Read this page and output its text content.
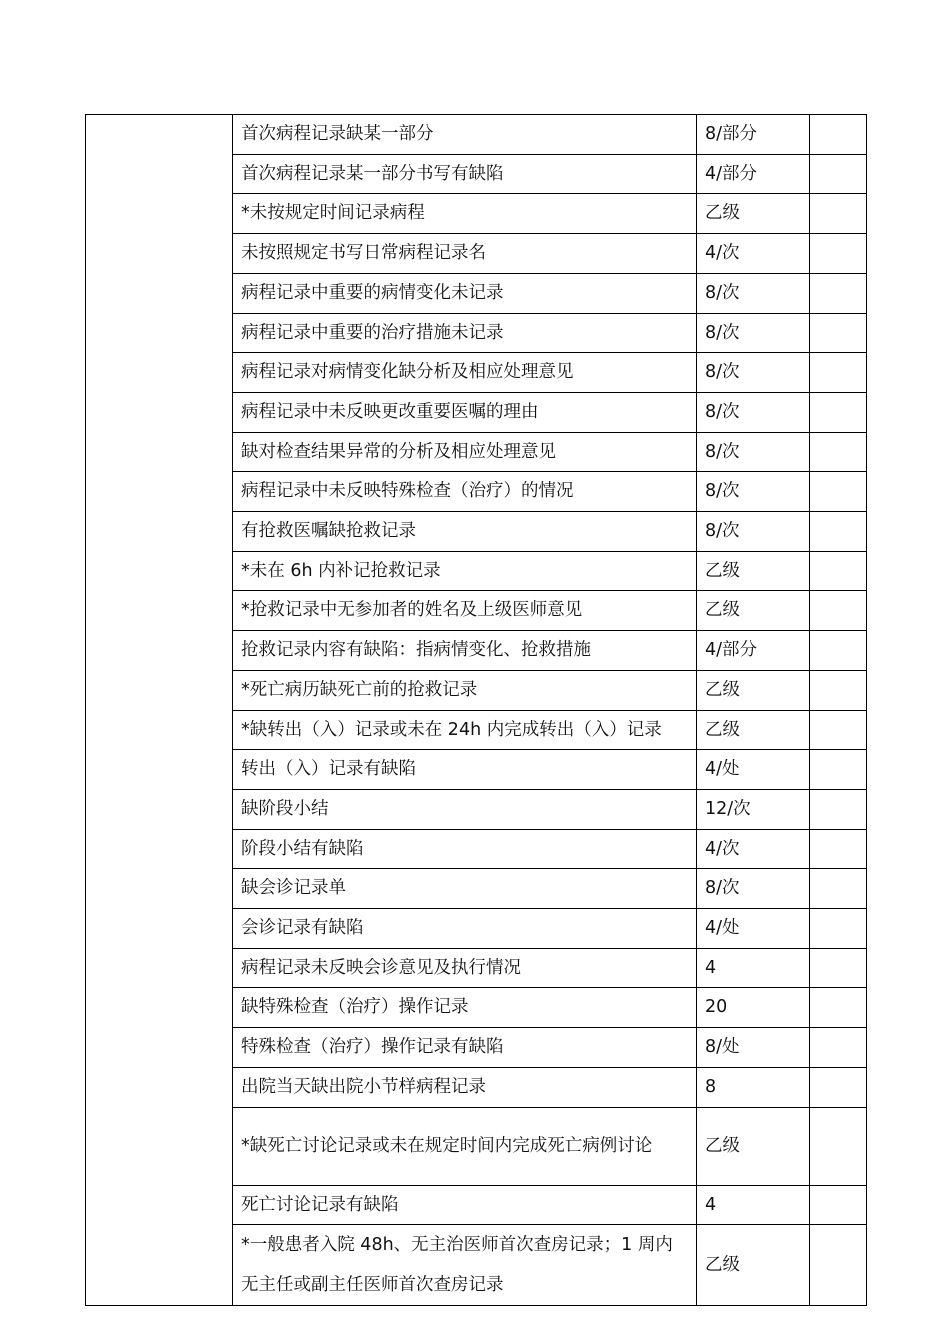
	首次病程记录缺某一部分	8/部分	
	首次病程记录某一部分书写有缺陷	4/部分	
	*未按规定时间记录病程	乙级	
	未按照规定书写日常病程记录名	4/次	
	病程记录中重要的病情变化未记录	8/次	
	病程记录中重要的治疗措施未记录	8/次	
	病程记录对病情变化缺分析及相应处理意见	8/次	
	病程记录中未反映更改重要医嘱的理由	8/次	
	缺对检查结果异常的分析及相应处理意见	8/次	
	病程记录中未反映特殊检查（治疗）的情况	8/次	
	有抢救医嘱缺抢救记录	8/次	
	*未在 6h 内补记抢救记录	乙级	
	*抢救记录中无参加者的姓名及上级医师意见	乙级	
	抢救记录内容有缺陷：指病情变化、抢救措施	4/部分	
	*死亡病历缺死亡前的抢救记录	乙级	
	*缺转出（入）记录或未在 24h 内完成转出（入）记录	乙级	
	转出（入）记录有缺陷	4/处	
	缺阶段小结	12/次	
	阶段小结有缺陷	4/次	
	缺会诊记录单	8/次	
	会诊记录有缺陷	4/处	
	病程记录未反映会诊意见及执行情况	4	
	缺特殊检查（治疗）操作记录	20	
	特殊检查（治疗）操作记录有缺陷	8/处	
	出院当天缺出院小节样病程记录	8	
	*缺死亡讨论记录或未在规定时间内完成死亡病例讨论	乙级	
	死亡讨论记录有缺陷	4	
	*一般患者入院 48h、无主治医师首次查房记录；1 周内无主任或副主任医师首次查房记录	乙级	
